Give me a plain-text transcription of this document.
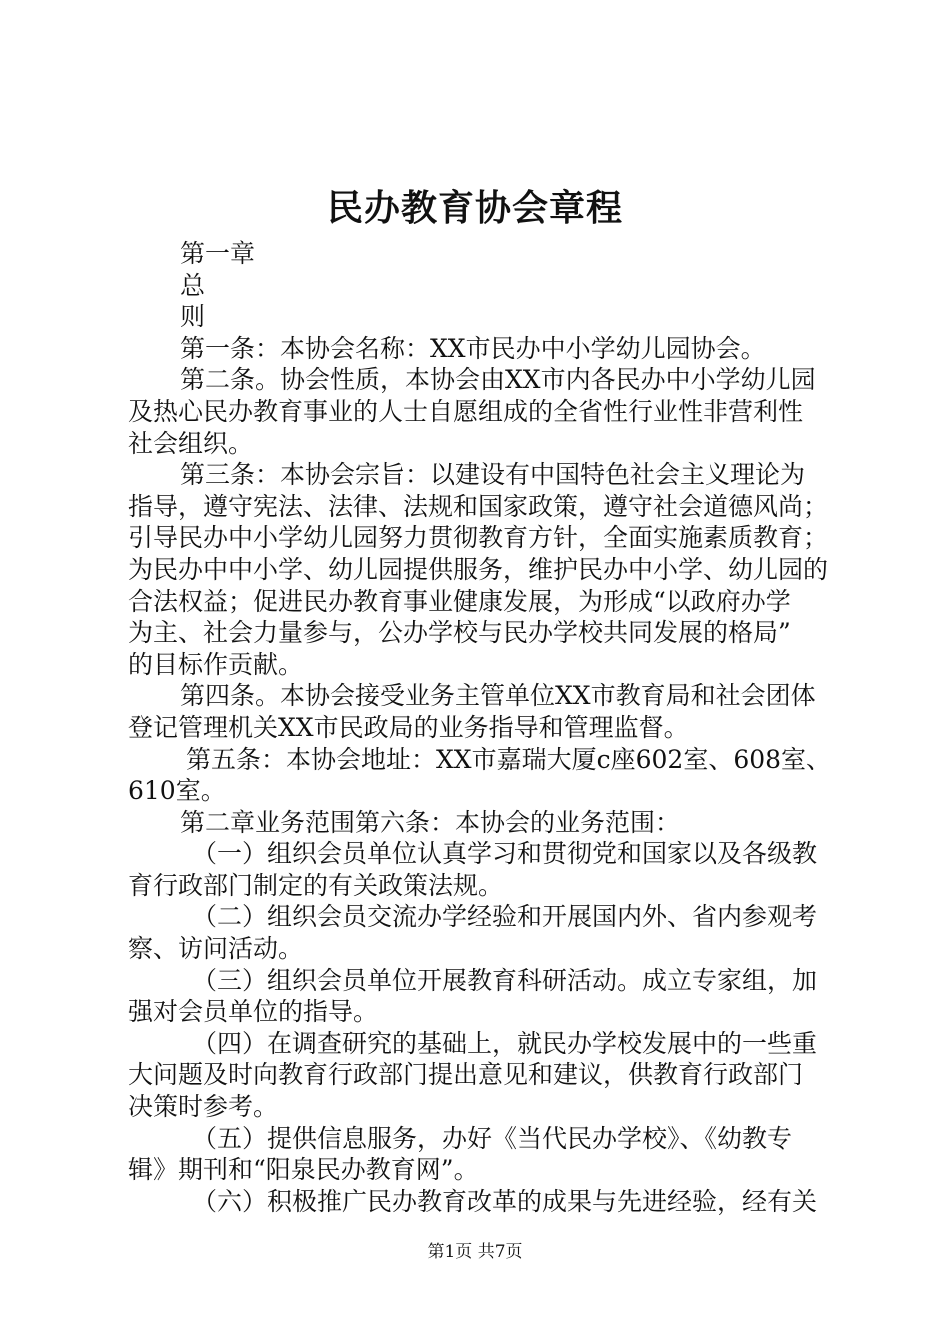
民办教育协会章程
第一章
总
则
第一条：本协会名称：XX市民办中小学幼儿园协会。
第二条。协会性质，本协会由XX市内各民办中小学幼儿园
及热心民办教育事业的人士自愿组成的全省性行业性非营利性
社会组织。
第三条：本协会宗旨：以建设有中国特色社会主义理论为
指导，遵守宪法、法律、法规和国家政策，遵守社会道德风尚；
引导民办中小学幼儿园努力贯彻教育方针，全面实施素质教育；
为民办中中小学、幼儿园提供服务，维护民办中小学、幼儿园的
合法权益；促进民办教育事业健康发展，为形成“以政府办学
为主、社会力量参与，公办学校与民办学校共同发展的格局”
的目标作贡献。
第四条。本协会接受业务主管单位XX市教育局和社会团体
登记管理机关XX市民政局的业务指导和管理监督。
第五条：本协会地址：XX市嘉瑞大厦c座602室、608室、
610室。
第二章业务范围第六条：本协会的业务范围：
（一）组织会员单位认真学习和贯彻党和国家以及各级教
育行政部门制定的有关政策法规。
（二）组织会员交流办学经验和开展国内外、省内参观考
察、访问活动。
（三）组织会员单位开展教育科研活动。成立专家组，加
强对会员单位的指导。
（四）在调查研究的基础上，就民办学校发展中的一些重
大问题及时向教育行政部门提出意见和建议，供教育行政部门
决策时参考。
（五）提供信息服务，办好《当代民办学校》、《幼教专
辑》期刊和“阳泉民办教育网”。
（六）积极推广民办教育改革的成果与先进经验，经有关
第1页 共7页
